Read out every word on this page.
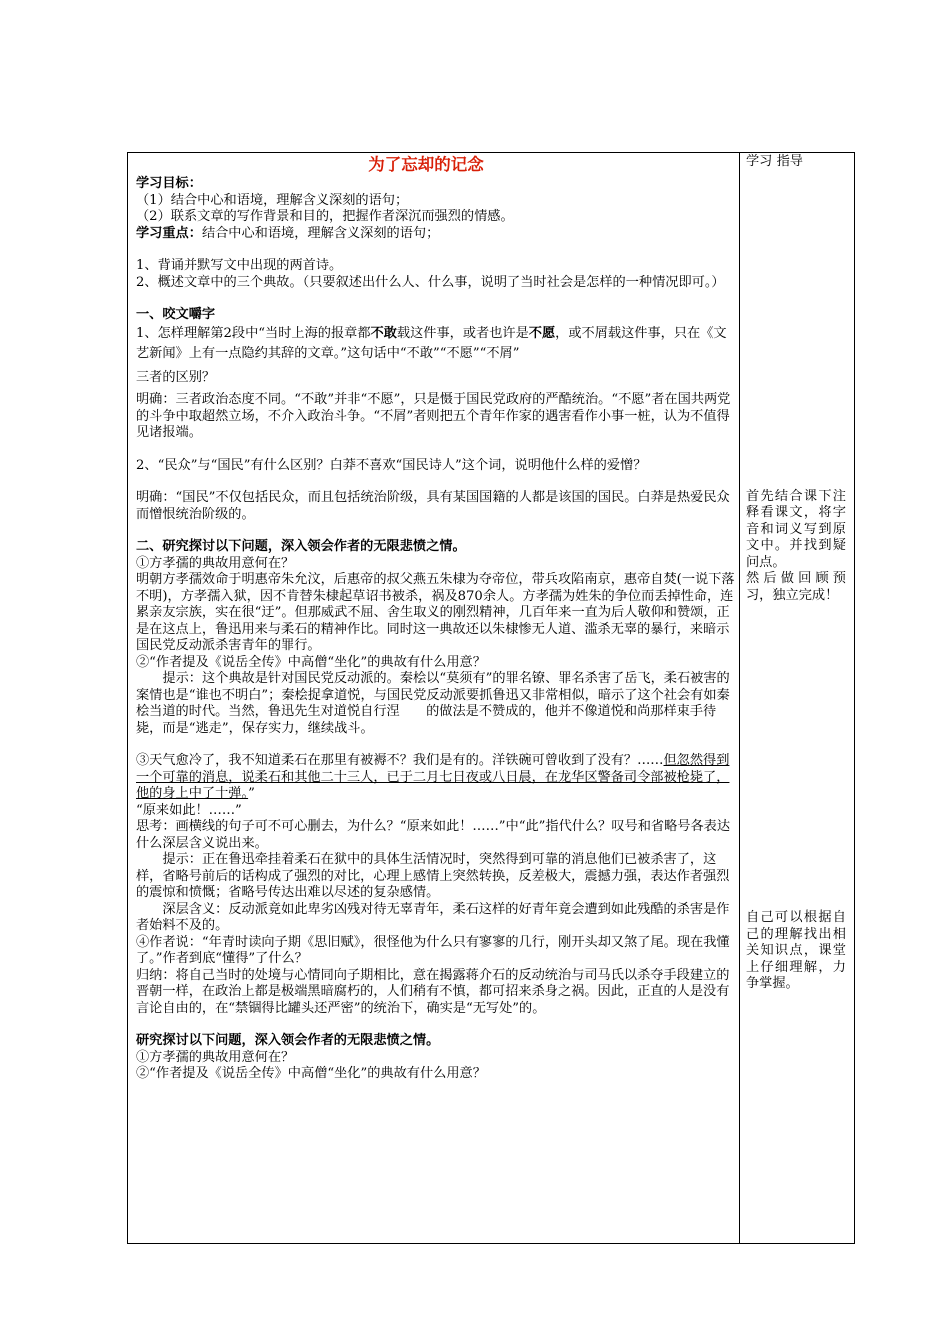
为了忘却的记念

学习目标：

（1）结合中心和语境，理解含义深刻的语句；

（2）联系文章的写作背景和目的，把握作者深沉而强烈的情感。

学习重点：结合中心和语境，理解含义深刻的语句；

1、背诵并默写文中出现的两首诗。

2、概述文章中的三个典故。（只要叙述出什么人、什么事，说明了当时社会是怎样的一种情况即可。）

一、咬文嚼字

1、怎样理解第2段中“当时上海的报章都不敢载这件事，或者也许是不愿，或不屑载这件事，只在《文艺新闻》上有一点隐约其辞的文章。”这句话中“不敢”“不愿”“不屑”

三者的区别？

明确：三者政治态度不同。“不敢”并非“不愿”，只是慑于国民党政府的严酷统治。“不愿”者在国共两党的斗争中取超然立场，不介入政治斗争。“不屑”者则把五个青年作家的遇害看作小事一桩，认为不值得见诸报端。

2、“民众”与“国民”有什么区别？白莽不喜欢“国民诗人”这个词，说明他什么样的爱憎？

明确：“国民”不仅包括民众，而且包括统治阶级，具有某国国籍的人都是该国的国民。白莽是热爱民众而憎恨统治阶级的。

二、研究探讨以下问题，深入领会作者的无限悲愤之情。

①方孝孺的典故用意何在？

明朝方孝孺效命于明惠帝朱允汶，后惠帝的叔父燕五朱棣为夺帝位，带兵攻陷南京，惠帝自焚(一说下落不明)，方孝孺入狱，因不肯替朱棣起草诏书被杀，祸及870余人。方孝孺为姓朱的争位而丢掉性命，连累亲友宗族，实在很“迂”。但那威武不屈、舍生取义的刚烈精神，几百年来一直为后人敬仰和赞颂，正是在这点上，鲁迅用来与柔石的精神作比。同时这一典故还以朱棣惨无人道、滥杀无辜的暴行，来暗示国民党反动派杀害青年的罪行。

②“作者提及《说岳全传》中高僧“坐化”的典故有什么用意？

提示：这个典故是针对国民党反动派的。秦桧以“莫须有”的罪名镣、罪名杀害了岳飞，柔石被害的案情也是“谁也不明白”；秦桧捉拿道悦，与国民党反动派要抓鲁迅又非常相似，暗示了这个社会有如秦桧当道的时代。当然，鲁迅先生对道悦自行涅　　的做法是不赞成的，他并不像道悦和尚那样束手待毙，而是“逃走”，保存实力，继续战斗。

③天气愈冷了，我不知道柔石在那里有被褥不？我们是有的。洋铁碗可曾收到了没有？……但忽然得到一个可靠的消息，说柔石和其他二十三人，已于二月七日夜或八日晨，在龙华区警备司令部被枪毙了，他的身上中了十弹。”

“原来如此！……”

思考：画横线的句子可不可心删去，为什么？“原来如此！……”中“此”指代什么？叹号和省略号各表达什么深层含义说出来。

提示：正在鲁迅牵挂着柔石在狱中的具体生活情况时，突然得到可靠的消息他们已被杀害了，这样，省略号前后的话构成了强烈的对比，心理上感情上突然转换，反差极大，震撼力强，表达作者强烈的震惊和愤慨；省略号传达出难以尽述的复杂感情。

深层含义：反动派竟如此卑劣凶残对待无辜青年，柔石这样的好青年竟会遭到如此残酷的杀害是作者始料不及的。

④作者说：“年青时读向子期《思旧赋》，很怪他为什么只有寥寥的几行，刚开头却又煞了尾。现在我懂了。”作者到底“懂得”了什么？

归纳：将自己当时的处境与心情同向子期相比，意在揭露蒋介石的反动统治与司马氏以杀夺手段建立的晋朝一样，在政治上都是极端黑暗腐朽的，人们稍有不慎，都可招来杀身之祸。因此，正直的人是没有言论自由的，在“禁锢得比罐头还严密”的统治下，确实是“无写处”的。

研究探讨以下问题，深入领会作者的无限悲愤之情。

①方孝孺的典故用意何在？

②“作者提及《说岳全传》中高僧“坐化”的典故有什么用意？

学习 指导

首先结合课下注释看课文，将字音和词义写到原文中。并找到疑问点。

然后做回顾预习，独立完成！

自己可以根据自己的理解找出相关知识点，课堂上仔细理解，力争掌握。
